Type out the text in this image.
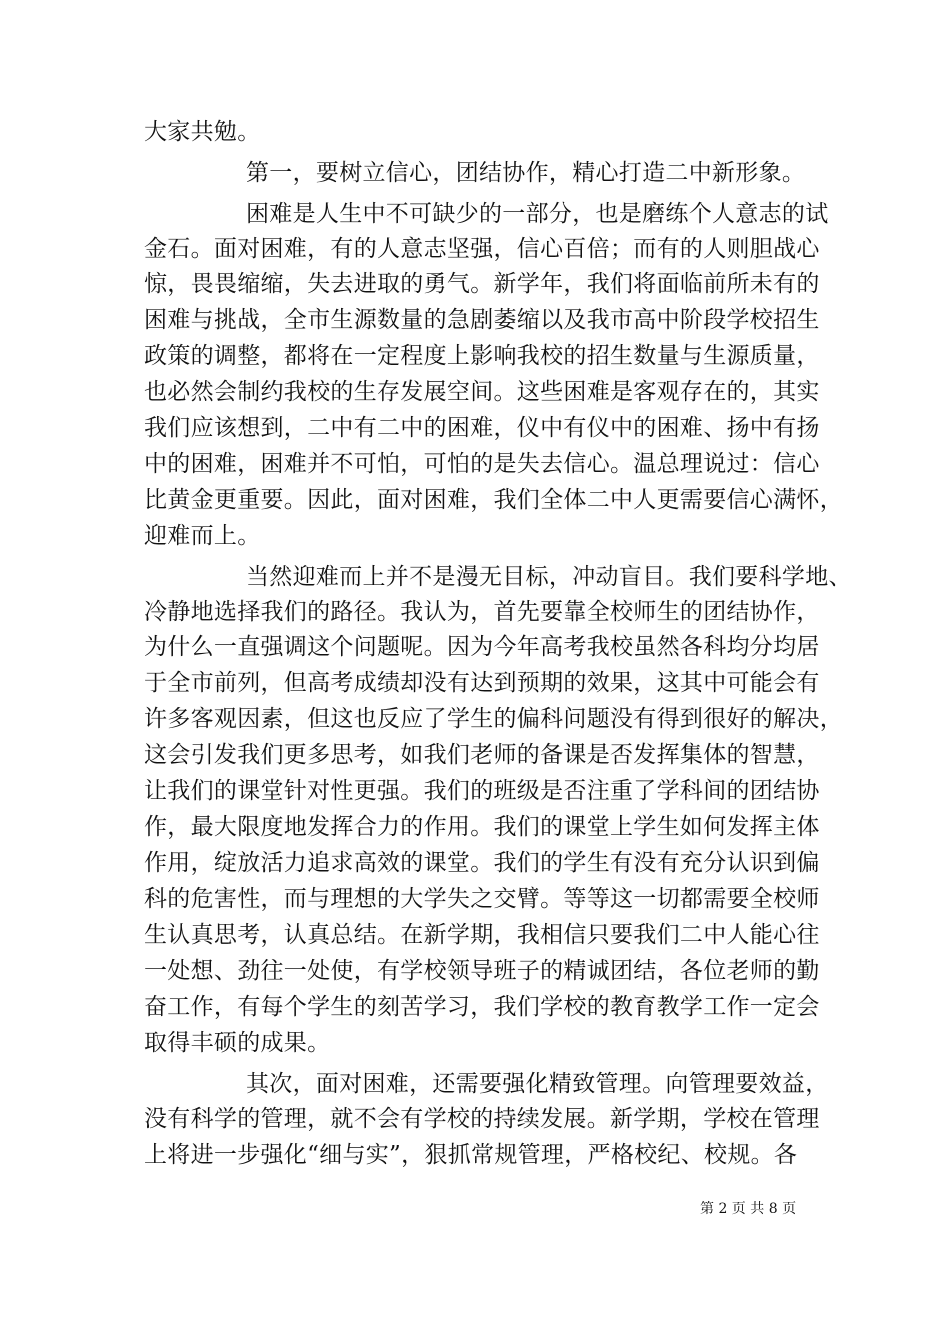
大家共勉。
第一，要树立信心，团结协作，精心打造二中新形象。
困难是人生中不可缺少的一部分，也是磨练个人意志的试
金石。面对困难，有的人意志坚强，信心百倍；而有的人则胆战心
惊，畏畏缩缩，失去进取的勇气。新学年，我们将面临前所未有的
困难与挑战，全市生源数量的急剧萎缩以及我市高中阶段学校招生
政策的调整，都将在一定程度上影响我校的招生数量与生源质量，
也必然会制约我校的生存发展空间。这些困难是客观存在的，其实
我们应该想到，二中有二中的困难，仪中有仪中的困难、扬中有扬
中的困难，困难并不可怕，可怕的是失去信心。温总理说过：信心
比黄金更重要。因此，面对困难，我们全体二中人更需要信心满怀，
迎难而上。
当然迎难而上并不是漫无目标，冲动盲目。我们要科学地、
冷静地选择我们的路径。我认为，首先要靠全校师生的团结协作，
为什么一直强调这个问题呢。因为今年高考我校虽然各科均分均居
于全市前列，但高考成绩却没有达到预期的效果，这其中可能会有
许多客观因素，但这也反应了学生的偏科问题没有得到很好的解决，
这会引发我们更多思考，如我们老师的备课是否发挥集体的智慧，
让我们的课堂针对性更强。我们的班级是否注重了学科间的团结协
作，最大限度地发挥合力的作用。我们的课堂上学生如何发挥主体
作用，绽放活力追求高效的课堂。我们的学生有没有充分认识到偏
科的危害性，而与理想的大学失之交臂。等等这一切都需要全校师
生认真思考，认真总结。在新学期，我相信只要我们二中人能心往
一处想、劲往一处使，有学校领导班子的精诚团结，各位老师的勤
奋工作，有每个学生的刻苦学习，我们学校的教育教学工作一定会
取得丰硕的成果。
其次，面对困难，还需要强化精致管理。向管理要效益，
没有科学的管理，就不会有学校的持续发展。新学期，学校在管理
上将进一步强化“细与实”，狠抓常规管理，严格校纪、校规。各
第 2 页 共 8 页
